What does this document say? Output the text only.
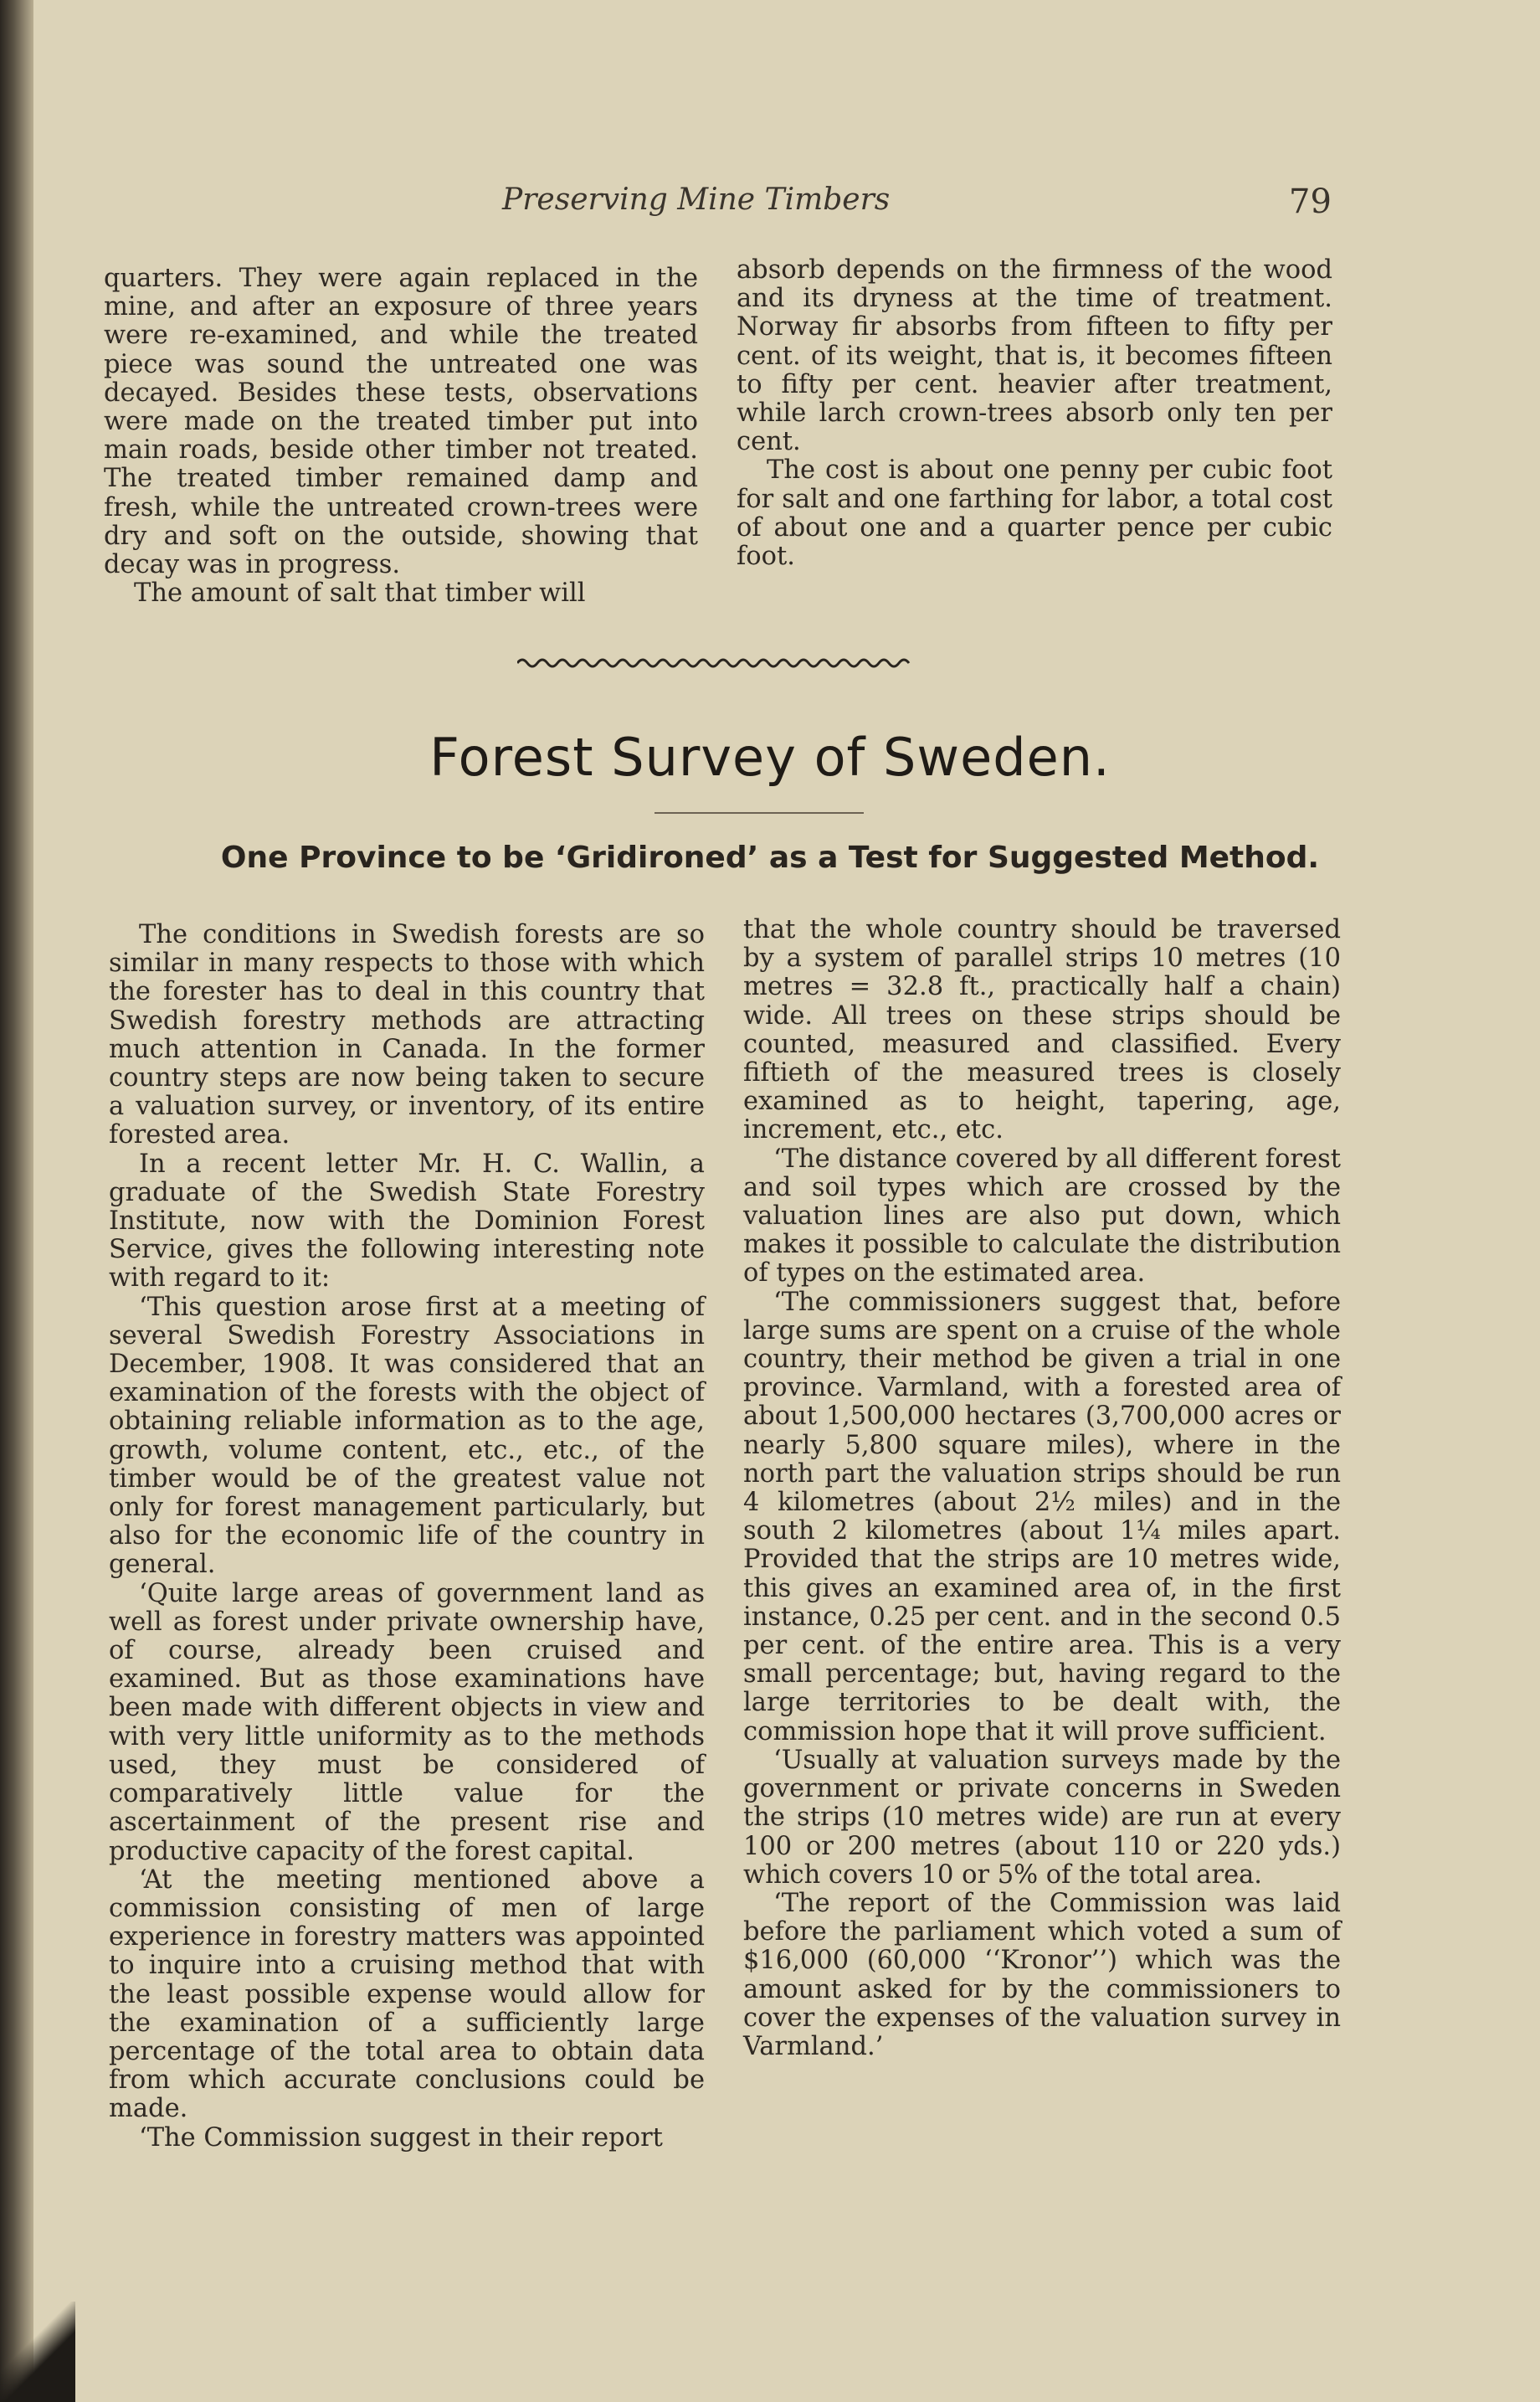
Preserving Mine Timbers	79

quarters. They were again replaced in the mine, and after an exposure of three years were re-examined, and while the treated piece was sound the untreated one was decayed. Besides these tests, observations were made on the treated timber put into main roads, beside other timber not treated. The treated timber remained damp and fresh, while the untreated crown-trees were dry and soft on the outside, showing that decay was in progress.

The amount of salt that timber will

absorb depends on the firmness of the wood and its dryness at the time of treatment. Norway fir absorbs from fifteen to fifty per cent. of its weight, that is, it becomes fifteen to fifty per cent. heavier after treatment, while larch crown-trees absorb only ten per cent.

The cost is about one penny per cubic foot for salt and one farthing for labor, a total cost of about one and a quarter pence per cubic foot.

Forest Survey of Sweden.
One Province to be ‘Gridironed’ as a Test for Suggested Method.

The conditions in Swedish forests are so similar in many respects to those with which the forester has to deal in this country that Swedish forestry methods are attracting much attention in Canada. In the former country steps are now being taken to secure a valuation survey, or inventory, of its entire forested area.

In a recent letter Mr. H. C. Wallin, a graduate of the Swedish State Forestry Institute, now with the Dominion Forest Service, gives the following interesting note with regard to it:

‘This question arose first at a meeting of several Swedish Forestry Associations in December, 1908. It was considered that an examination of the forests with the object of obtaining reliable information as to the age, growth, volume content, etc., etc., of the timber would be of the greatest value not only for forest management particularly, but also for the economic life of the country in general.

‘Quite large areas of government land as well as forest under private ownership have, of course, already been cruised and examined. But as those examinations have been made with different objects in view and with very little uniformity as to the methods used, they must be considered of comparatively little value for the ascertainment of the present rise and productive capacity of the forest capital.

‘At the meeting mentioned above a commission consisting of men of large experience in forestry matters was appointed to inquire into a cruising method that with the least possible expense would allow for the examination of a sufficiently large percentage of the total area to obtain data from which accurate conclusions could be made.

‘The Commission suggest in their report

that the whole country should be traversed by a system of parallel strips 10 metres (10 metres = 32.8 ft., practically half a chain) wide. All trees on these strips should be counted, measured and classified. Every fiftieth of the measured trees is closely examined as to height, tapering, age, increment, etc., etc.

‘The distance covered by all different forest and soil types which are crossed by the valuation lines are also put down, which makes it possible to calculate the distribution of types on the estimated area.

‘The commissioners suggest that, before large sums are spent on a cruise of the whole country, their method be given a trial in one province. Varmland, with a forested area of about 1,500,000 hectares (3,700,000 acres or nearly 5,800 square miles), where in the north part the valuation strips should be run 4 kilometres (about 2½ miles) and in the south 2 kilometres (about 1¼ miles apart. Provided that the strips are 10 metres wide, this gives an examined area of, in the first instance, 0.25 per cent. and in the second 0.5 per cent. of the entire area. This is a very small percentage; but, having regard to the large territories to be dealt with, the commission hope that it will prove sufficient.

‘Usually at valuation surveys made by the government or private concerns in Sweden the strips (10 metres wide) are run at every 100 or 200 metres (about 110 or 220 yds.) which covers 10 or 5% of the total area.

‘The report of the Commission was laid before the parliament which voted a sum of $16,000 (60,000 ‘‘Kronor’’) which was the amount asked for by the commissioners to cover the expenses of the valuation survey in Varmland.’
